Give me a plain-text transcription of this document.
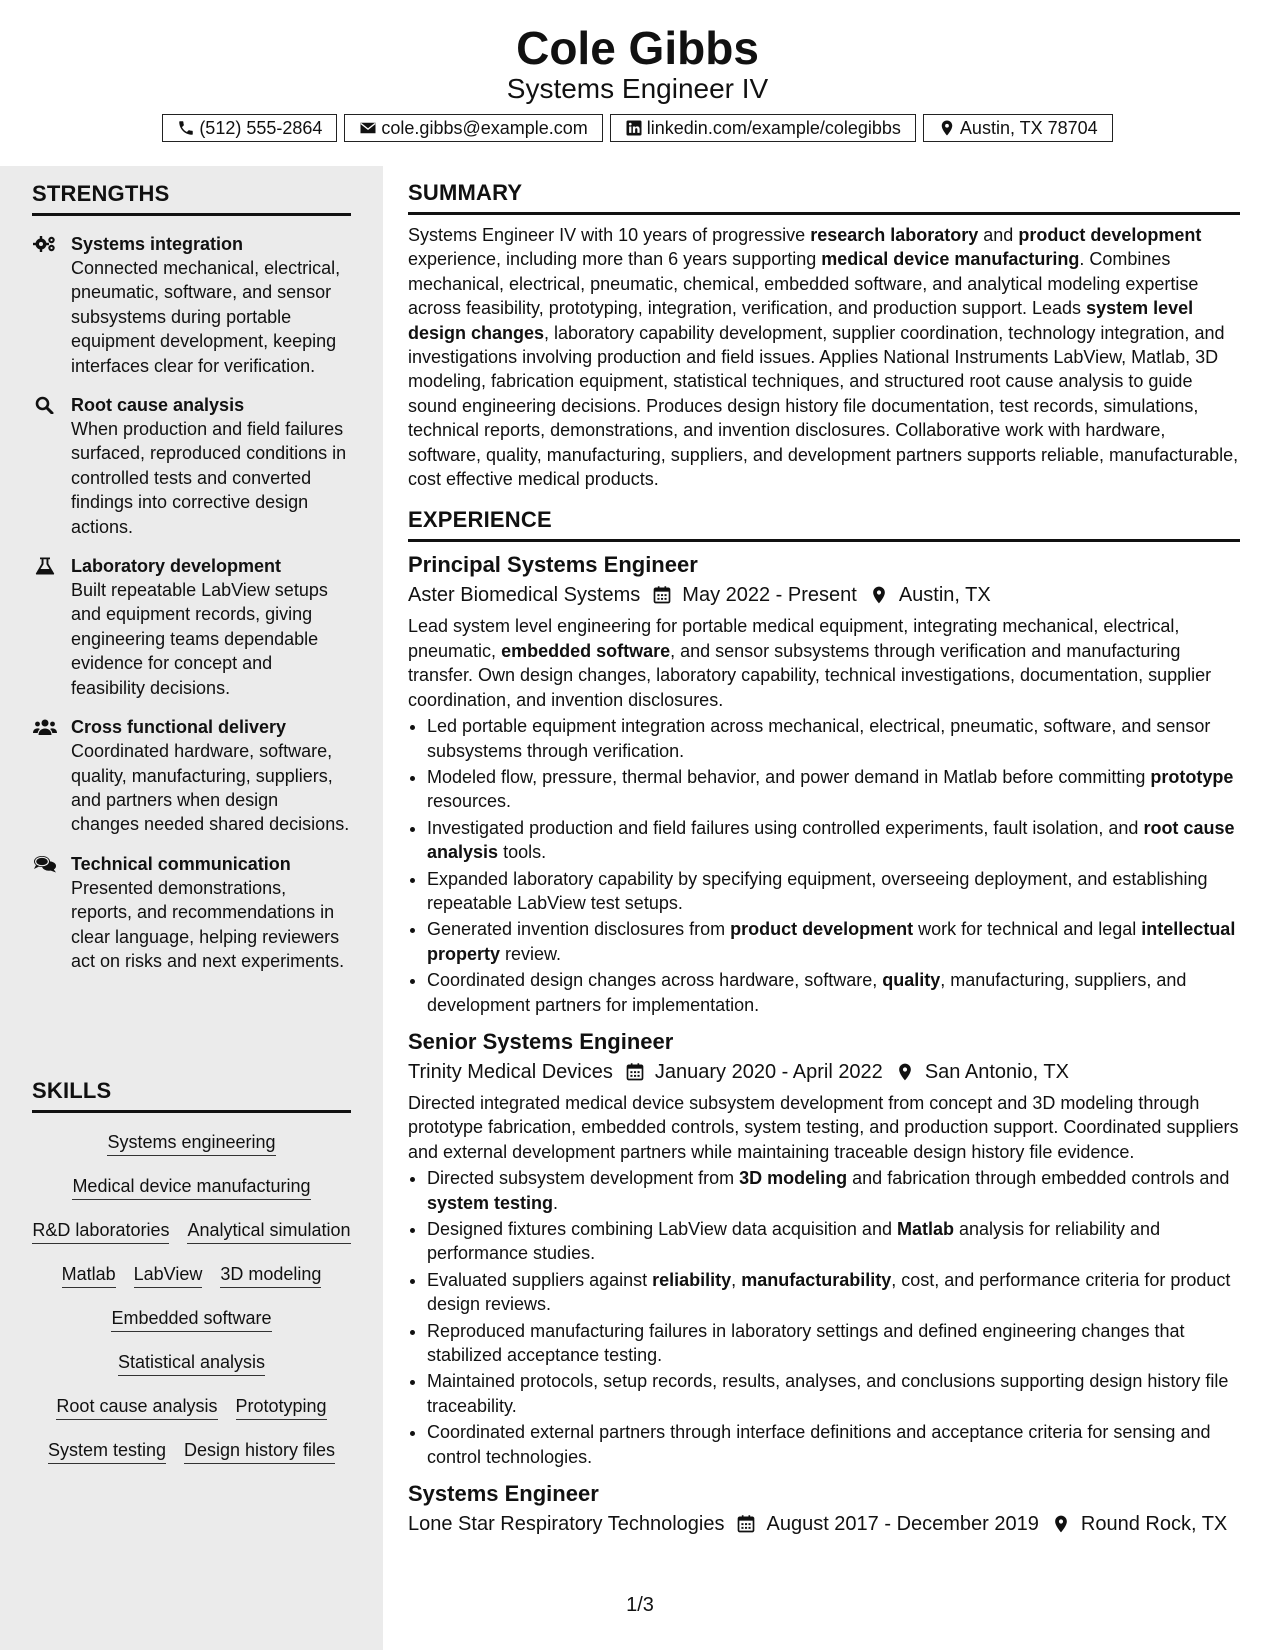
Cole Gibbs
Systems Engineer IV
(512) 555-2864	cole.gibbs@example.com	linkedin.com/example/colegibbs	Austin, TX 78704
STRENGTHS
Systems integration
Connected mechanical, electrical, pneumatic, software, and sensor subsystems during portable equipment development, keeping interfaces clear for verification.
Root cause analysis
When production and field failures surfaced, reproduced conditions in controlled tests and converted findings into corrective design actions.
Laboratory development
Built repeatable LabView setups and equipment records, giving engineering teams dependable evidence for concept and feasibility decisions.
Cross functional delivery
Coordinated hardware, software, quality, manufacturing, suppliers, and partners when design changes needed shared decisions.
Technical communication
Presented demonstrations, reports, and recommendations in clear language, helping reviewers act on risks and next experiments.
SKILLS
Systems engineering
Medical device manufacturing
R&D laboratories Analytical simulation
Matlab LabView 3D modeling
Embedded software
Statistical analysis
Root cause analysis Prototyping
System testing Design history files
SUMMARY
Systems Engineer IV with 10 years of progressive research laboratory and product development experience, including more than 6 years supporting medical device manufacturing. Combines mechanical, electrical, pneumatic, chemical, embedded software, and analytical modeling expertise across feasibility, prototyping, integration, verification, and production support. Leads system level design changes, laboratory capability development, supplier coordination, technology integration, and investigations involving production and field issues. Applies National Instruments LabView, Matlab, 3D modeling, fabrication equipment, statistical techniques, and structured root cause analysis to guide sound engineering decisions. Produces design history file documentation, test records, simulations, technical reports, demonstrations, and invention disclosures. Collaborative work with hardware, software, quality, manufacturing, suppliers, and development partners supports reliable, manufacturable, cost effective medical products.
EXPERIENCE
Principal Systems Engineer
Aster Biomedical Systems May 2022 - Present Austin, TX
Lead system level engineering for portable medical equipment, integrating mechanical, electrical, pneumatic, embedded software, and sensor subsystems through verification and manufacturing transfer. Own design changes, laboratory capability, technical investigations, documentation, supplier coordination, and invention disclosures.
• Led portable equipment integration across mechanical, electrical, pneumatic, software, and sensor subsystems through verification.
• Modeled flow, pressure, thermal behavior, and power demand in Matlab before committing prototype resources.
• Investigated production and field failures using controlled experiments, fault isolation, and root cause analysis tools.
• Expanded laboratory capability by specifying equipment, overseeing deployment, and establishing repeatable LabView test setups.
• Generated invention disclosures from product development work for technical and legal intellectual property review.
• Coordinated design changes across hardware, software, quality, manufacturing, suppliers, and development partners for implementation.
Senior Systems Engineer
Trinity Medical Devices January 2020 - April 2022 San Antonio, TX
Directed integrated medical device subsystem development from concept and 3D modeling through prototype fabrication, embedded controls, system testing, and production support. Coordinated suppliers and external development partners while maintaining traceable design history file evidence.
• Directed subsystem development from 3D modeling and fabrication through embedded controls and system testing.
• Designed fixtures combining LabView data acquisition and Matlab analysis for reliability and performance studies.
• Evaluated suppliers against reliability, manufacturability, cost, and performance criteria for product design reviews.
• Reproduced manufacturing failures in laboratory settings and defined engineering changes that stabilized acceptance testing.
• Maintained protocols, setup records, results, analyses, and conclusions supporting design history file traceability.
• Coordinated external partners through interface definitions and acceptance criteria for sensing and control technologies.
Systems Engineer
Lone Star Respiratory Technologies August 2017 - December 2019 Round Rock, TX
1/3
